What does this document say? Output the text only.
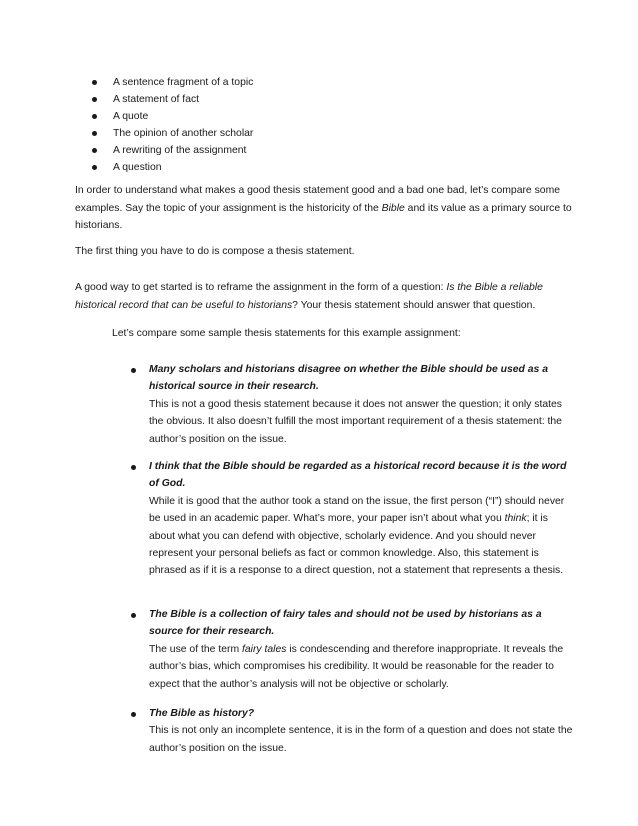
A sentence fragment of a topic
A statement of fact
A quote
The opinion of another scholar
A rewriting of the assignment
A question

In order to understand what makes a good thesis statement good and a bad one bad, let’s compare some examples. Say the topic of your assignment is the historicity of the Bible and its value as a primary source to historians.

The first thing you have to do is compose a thesis statement.

A good way to get started is to reframe the assignment in the form of a question: Is the Bible a reliable historical record that can be useful to historians? Your thesis statement should answer that question.

Let’s compare some sample thesis statements for this example assignment:

Many scholars and historians disagree on whether the Bible should be used as a historical source in their research.
This is not a good thesis statement because it does not answer the question; it only states the obvious. It also doesn’t fulfill the most important requirement of a thesis statement: the author’s position on the issue.
I think that the Bible should be regarded as a historical record because it is the word of God.
While it is good that the author took a stand on the issue, the first person (“I”) should never be used in an academic paper. What’s more, your paper isn’t about what you think; it is about what you can defend with objective, scholarly evidence. And you should never represent your personal beliefs as fact or common knowledge. Also, this statement is phrased as if it is a response to a direct question, not a statement that represents a thesis.
The Bible is a collection of fairy tales and should not be used by historians as a source for their research.
The use of the term fairy tales is condescending and therefore inappropriate. It reveals the author’s bias, which compromises his credibility. It would be reasonable for the reader to expect that the author’s analysis will not be objective or scholarly.
The Bible as history?
This is not only an incomplete sentence, it is in the form of a question and does not state the author’s position on the issue.
